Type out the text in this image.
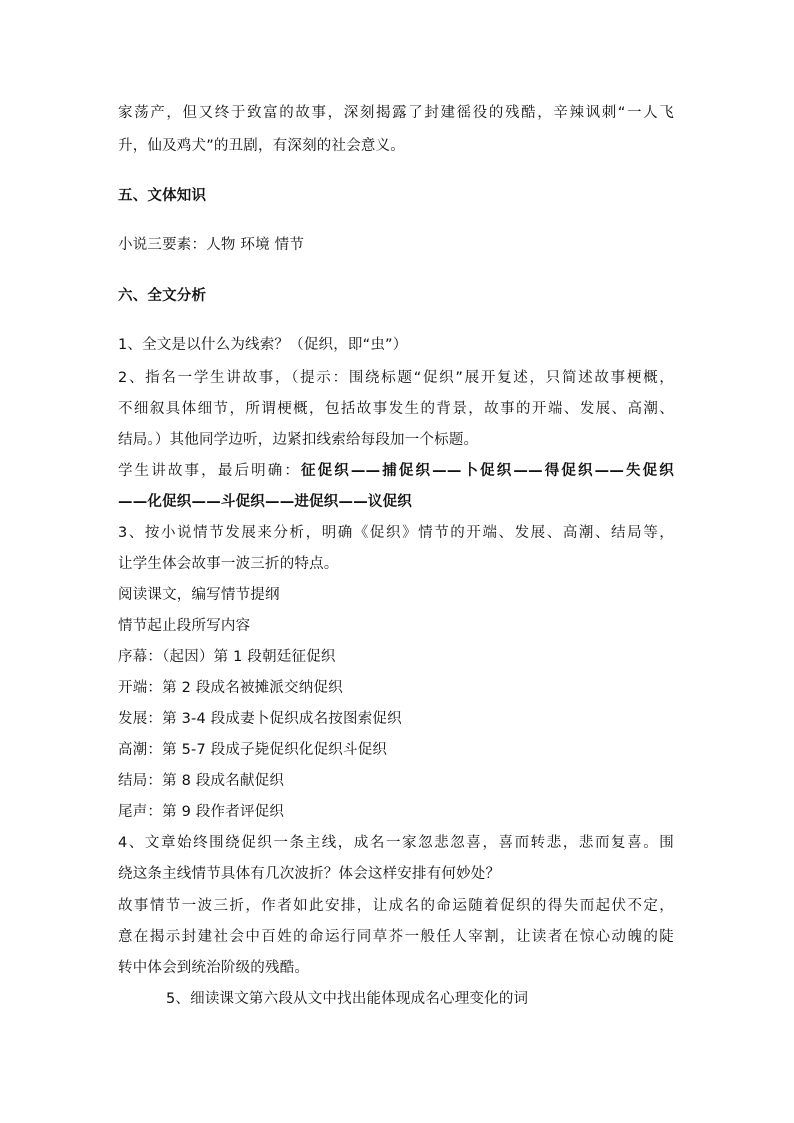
家荡产，但又终于致富的故事，深刻揭露了封建徭役的残酷，辛辣讽刺“一人飞
升，仙及鸡犬”的丑剧，有深刻的社会意义。
五、文体知识
小说三要素：人物 环境 情节
六、全文分析
1、全文是以什么为线索？（促织，即“虫”）
2、指名一学生讲故事，（提示：围绕标题“促织”展开复述，只简述故事梗概，
不细叙具体细节，所谓梗概，包括故事发生的背景，故事的开端、发展、高潮、
结局。）其他同学边听，边紧扣线索给每段加一个标题。
学生讲故事，最后明确：征促织——捕促织——卜促织——得促织——失促织
——化促织——斗促织——进促织——议促织
3、按小说情节发展来分析，明确《促织》情节的开端、发展、高潮、结局等，
让学生体会故事一波三折的特点。
阅读课文，编写情节提纲
情节起止段所写内容
序幕：（起因）第 1 段朝廷征促织
开端：第 2 段成名被摊派交纳促织
发展：第 3-4 段成妻卜促织成名按图索促织
高潮：第 5-7 段成子毙促织化促织斗促织
结局：第 8 段成名献促织
尾声：第 9 段作者评促织
4、文章始终围绕促织一条主线，成名一家忽悲忽喜，喜而转悲，悲而复喜。围
绕这条主线情节具体有几次波折？体会这样安排有何妙处？
故事情节一波三折，作者如此安排，让成名的命运随着促织的得失而起伏不定，
意在揭示封建社会中百姓的命运行同草芥一般任人宰割，让读者在惊心动魄的陡
转中体会到统治阶级的残酷。
5、细读课文第六段从文中找出能体现成名心理变化的词
